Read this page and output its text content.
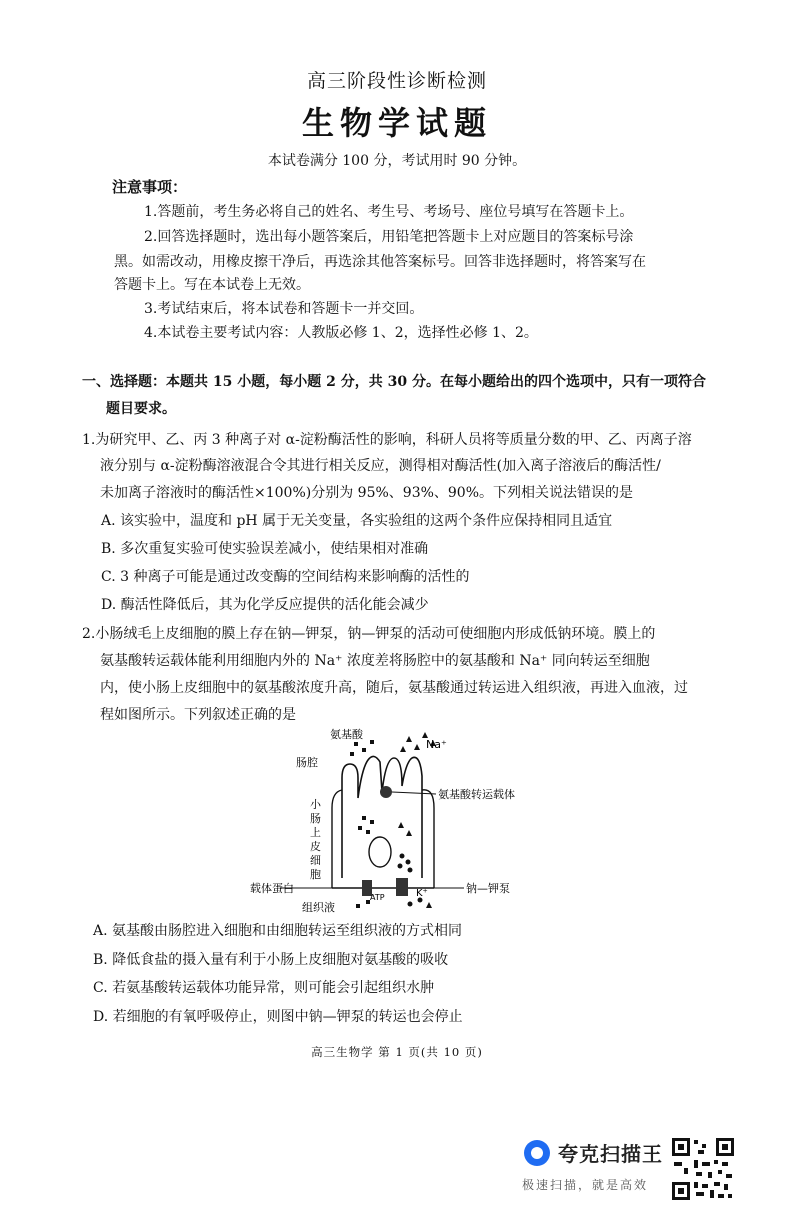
高三阶段性诊断检测
生物学试题
本试卷满分 100 分，考试用时 90 分钟。
注意事项：
1.答题前，考生务必将自己的姓名、考生号、考场号、座位号填写在答题卡上。
2.回答选择题时，选出每小题答案后，用铅笔把答题卡上对应题目的答案标号涂
黑。如需改动，用橡皮擦干净后，再选涂其他答案标号。回答非选择题时，将答案写在
答题卡上。写在本试卷上无效。
3.考试结束后，将本试卷和答题卡一并交回。
4.本试卷主要考试内容：人教版必修 1、2，选择性必修 1、2。
一、选择题：本题共 15 小题，每小题 2 分，共 30 分。在每小题给出的四个选项中，只有一项符合
题目要求。
1.为研究甲、乙、丙 3 种离子对 α-淀粉酶活性的影响，科研人员将等质量分数的甲、乙、丙离子溶
液分别与 α-淀粉酶溶液混合令其进行相关反应，测得相对酶活性(加入离子溶液后的酶活性/
未加离子溶液时的酶活性×100%)分别为 95%、93%、90%。下列相关说法错误的是
A. 该实验中，温度和 pH 属于无关变量，各实验组的这两个条件应保持相同且适宜
B. 多次重复实验可使实验误差减小，使结果相对准确
C. 3 种离子可能是通过改变酶的空间结构来影响酶的活性的
D. 酶活性降低后，其为化学反应提供的活化能会减少
2.小肠绒毛上皮细胞的膜上存在钠—钾泵，钠—钾泵的活动可使细胞内形成低钠环境。膜上的
氨基酸转运载体能利用细胞内外的 Na⁺ 浓度差将肠腔中的氨基酸和 Na⁺ 同向转运至细胞
内，使小肠上皮细胞中的氨基酸浓度升高，随后，氨基酸通过转运进入组织液，再进入血液，过
程如图所示。下列叙述正确的是
氨基酸
Na⁺
肠腔
氨基酸转运载体
载体蛋白	钠—钾泵
组织液
ATP	K⁺
小 肠 上 皮 细 胞
A. 氨基酸由肠腔进入细胞和由细胞转运至组织液的方式相同
B. 降低食盐的摄入量有利于小肠上皮细胞对氨基酸的吸收
C. 若氨基酸转运载体功能异常，则可能会引起组织水肿
D. 若细胞的有氧呼吸停止，则图中钠—钾泵的转运也会停止
高三生物学 第 1 页(共 10 页)
夸克扫描王
极速扫描，就是高效
